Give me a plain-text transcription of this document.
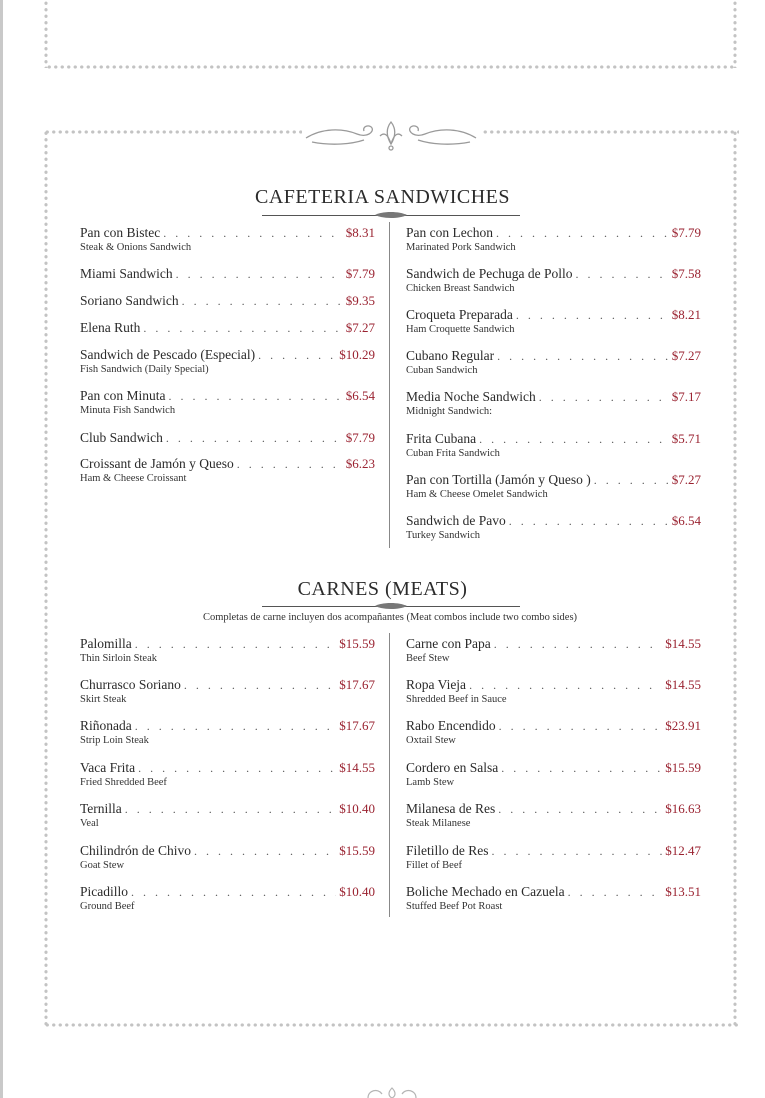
CAFETERIA SANDWICHES
Pan con Bistec . . .	$8.31
Steak & Onions Sandwich
Miami Sandwich . . .	$7.79
Soriano Sandwich . . .	$9.35
Elena Ruth . . .	$7.27
Sandwich de Pescado (Especial) . . .	$10.29
Fish Sandwich (Daily Special)
Pan con Minuta . . .	$6.54
Minuta Fish Sandwich
Club Sandwich . . .	$7.79
Croissant de Jamón y Queso . . .	$6.23
Ham & Cheese Croissant
Pan con Lechon . . .	$7.79
Marinated Pork Sandwich
Sandwich de Pechuga de Pollo . . .	$7.58
Chicken Breast Sandwich
Croqueta Preparada . . .	$8.21
Ham Croquette Sandwich
Cubano Regular . . .	$7.27
Cuban Sandwich
Media Noche Sandwich . . .	$7.17
Midnight Sandwich:
Frita Cubana . . .	$5.71
Cuban Frita Sandwich
Pan con Tortilla (Jamón y Queso ) . . .	$7.27
Ham & Cheese Omelet Sandwich
Sandwich de Pavo . . .	$6.54
Turkey Sandwich
CARNES (MEATS)
Completas de carne incluyen dos acompañantes (Meat combos include two combo sides)
Palomilla . . .	$15.59
Thin Sirloin Steak
Churrasco Soriano . . .	$17.67
Skirt Steak
Riñonada . . .	$17.67
Strip Loin Steak
Vaca Frita . . .	$14.55
Fried Shredded Beef
Ternilla . . .	$10.40
Veal
Chilindrón de Chivo . . .	$15.59
Goat Stew
Picadillo . . .	$10.40
Ground Beef
Carne con Papa . . .	$14.55
Beef Stew
Ropa Vieja . . .	$14.55
Shredded Beef in Sauce
Rabo Encendido . . .	$23.91
Oxtail Stew
Cordero en Salsa . . .	$15.59
Lamb Stew
Milanesa de Res . . .	$16.63
Steak Milanese
Filetillo de Res . . .	$12.47
Fillet of Beef
Boliche Mechado en Cazuela . . .	$13.51
Stuffed Beef Pot Roast
